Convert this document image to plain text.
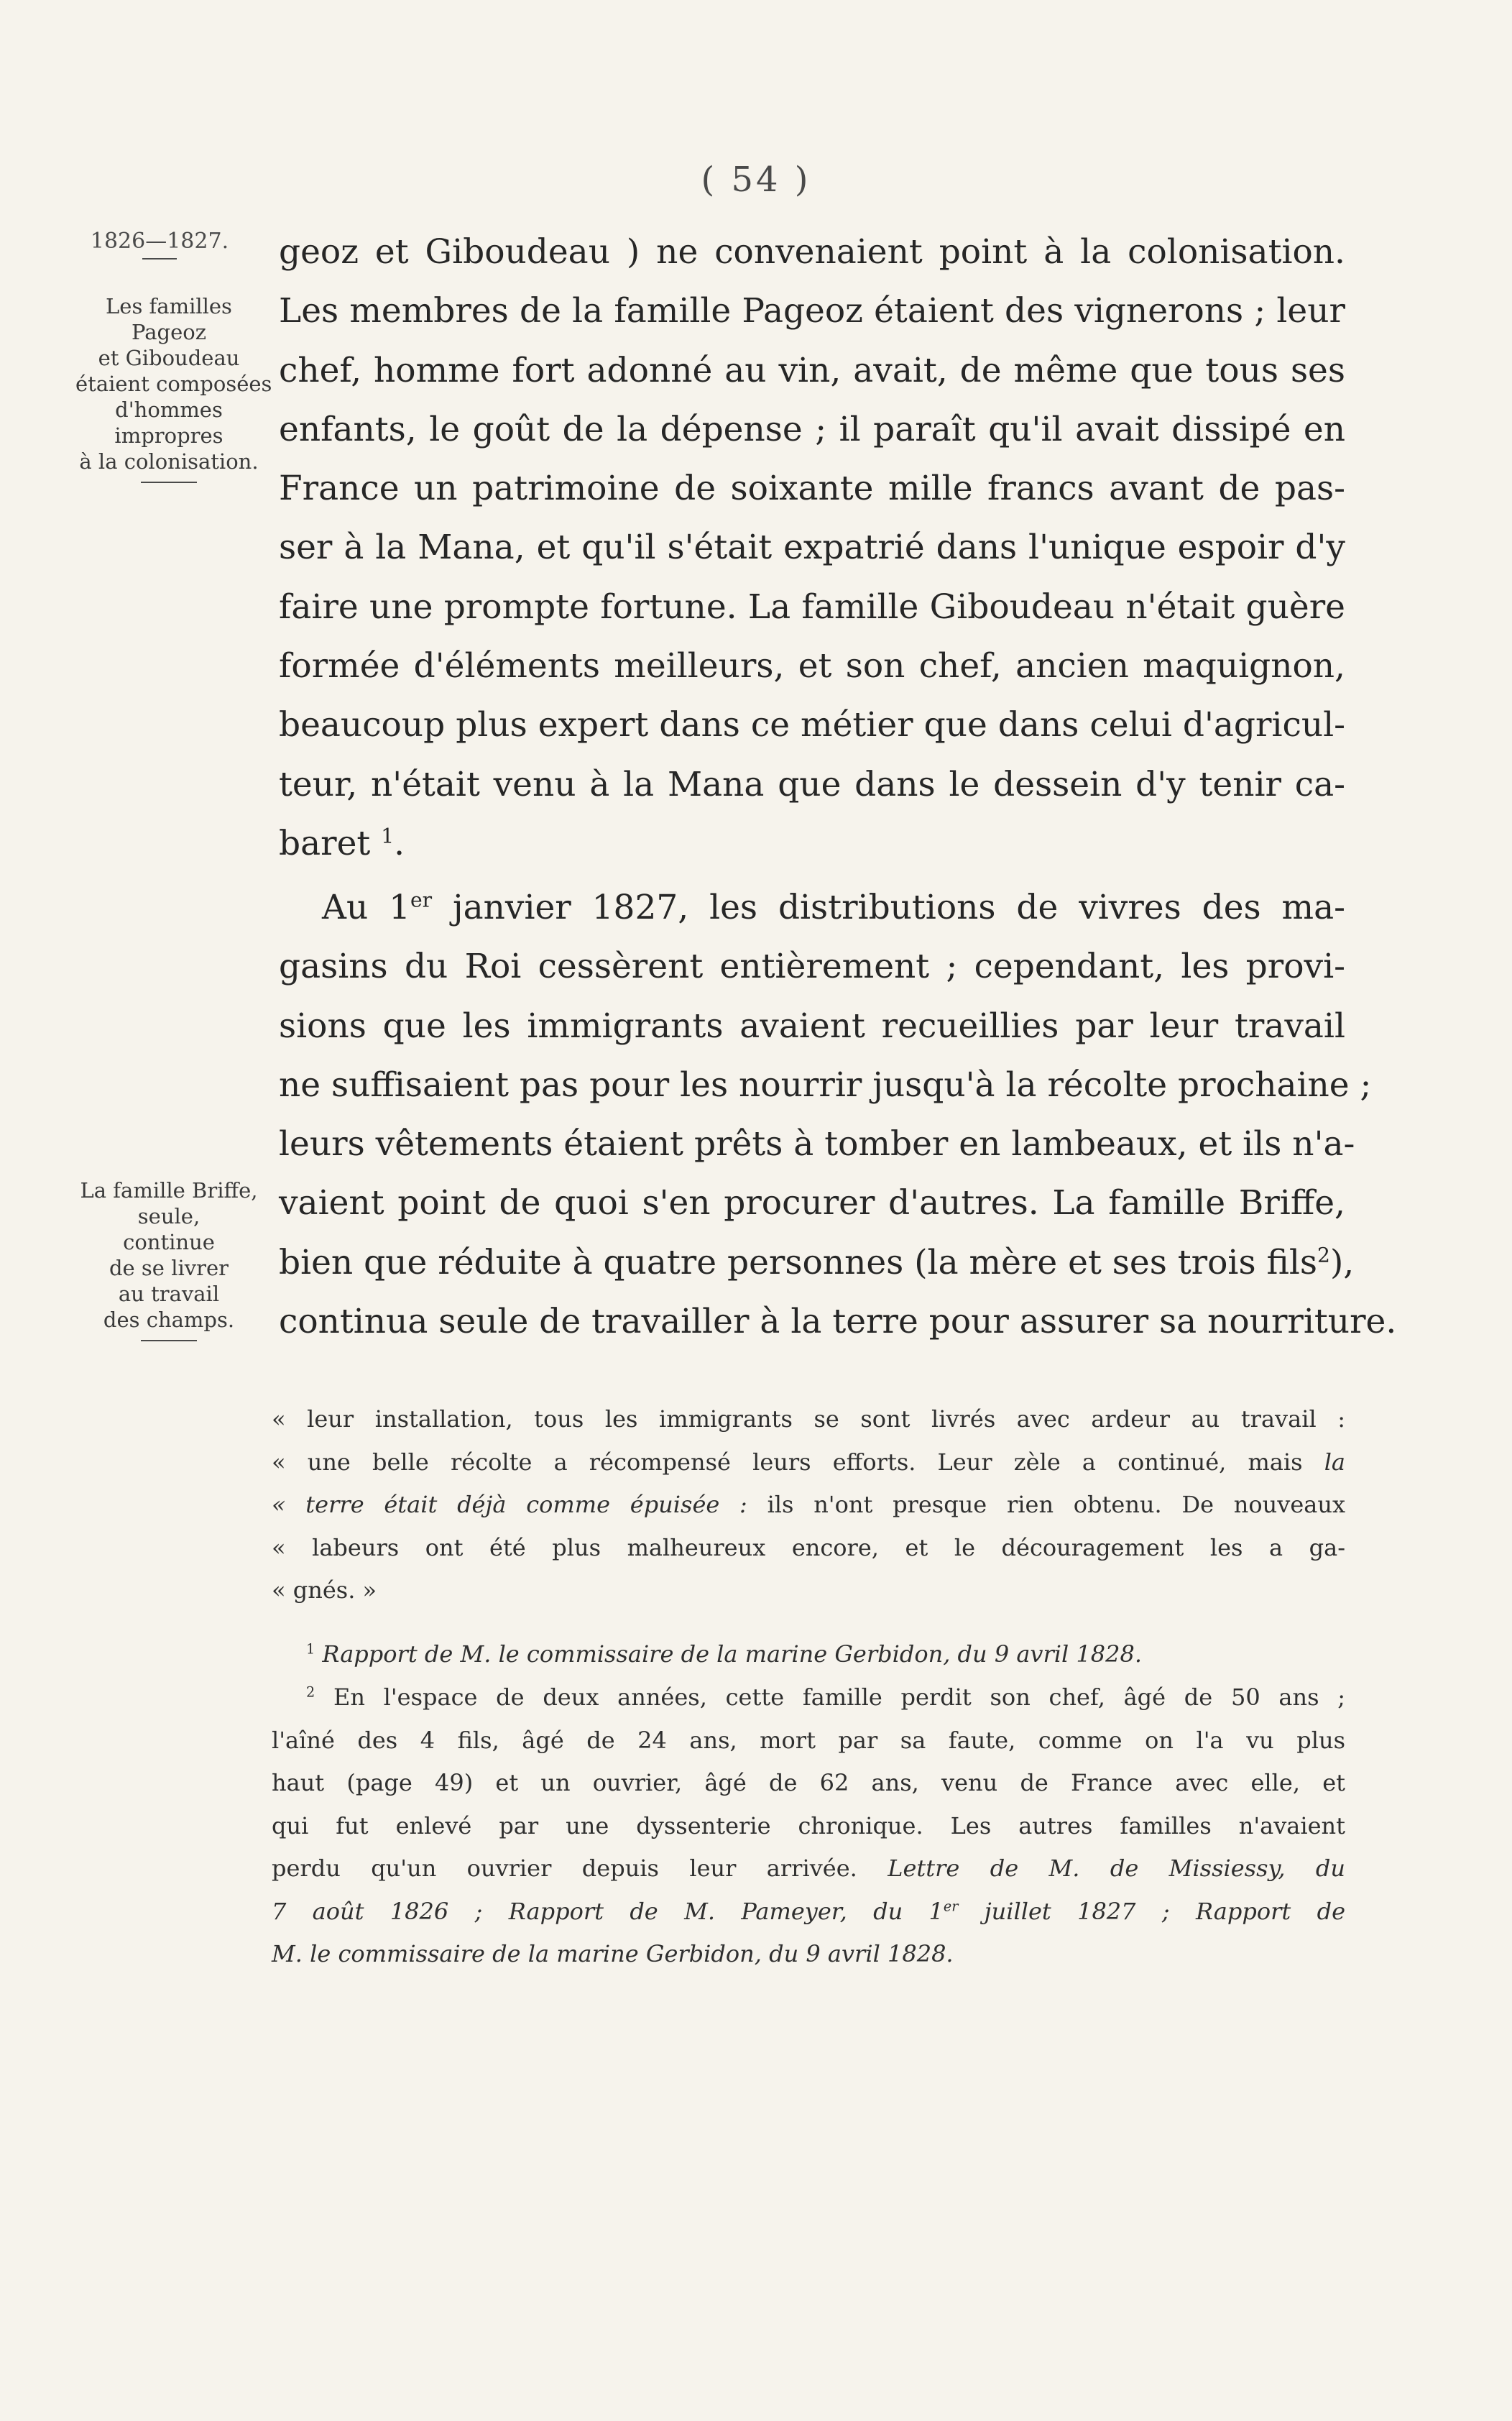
( 54 )
1826—1827.
Les familles
Pageoz
et Giboudeau
étaient composées
d'hommes
impropres
à la colonisation.
La famille Briffe,
seule,
continue
de se livrer
au travail
des champs.
geoz et Giboudeau ) ne convenaient point à la colonisation.
Les membres de la famille Pageoz étaient des vignerons ; leur
chef, homme fort adonné au vin, avait, de même que tous ses
enfants, le goût de la dépense ; il paraît qu'il avait dissipé en
France un patrimoine de soixante mille francs avant de pas-
ser à la Mana, et qu'il s'était expatrié dans l'unique espoir d'y
faire une prompte fortune. La famille Giboudeau n'était guère
formée d'éléments meilleurs, et son chef, ancien maquignon,
beaucoup plus expert dans ce métier que dans celui d'agricul-
teur, n'était venu à la Mana que dans le dessein d'y tenir ca-
baret $^1$.
Au 1er janvier 1827, les distributions de vivres des ma-
gasins du Roi cessèrent entièrement ; cependant, les provi-
sions que les immigrants avaient recueillies par leur travail
ne suffisaient pas pour les nourrir jusqu'à la récolte prochaine ;
leurs vêtements étaient prêts à tomber en lambeaux, et ils n'a-
vaient point de quoi s'en procurer d'autres. La famille Briffe,
bien que réduite à quatre personnes (la mère et ses trois fils$^2$),
continua seule de travailler à la terre pour assurer sa nourriture.
« leur installation, tous les immigrants se sont livrés avec ardeur au travail :
« une belle récolte a récompensé leurs efforts. Leur zèle a continué, mais la
« terre était déjà comme épuisée : ils n'ont presque rien obtenu. De nouveaux
« labeurs ont été plus malheureux encore, et le découragement les a ga-
« gnés. »
$^1$ Rapport de M. le commissaire de la marine Gerbidon, du 9 avril 1828.
$^2$ En l'espace de deux années, cette famille perdit son chef, âgé de 50 ans ;
l'aîné des 4 fils, âgé de 24 ans, mort par sa faute, comme on l'a vu plus
haut (page 49) et un ouvrier, âgé de 62 ans, venu de France avec elle, et
qui fut enlevé par une dyssenterie chronique. Les autres familles n'avaient
perdu qu'un ouvrier depuis leur arrivée. Lettre de M. de Missiessy, du
7 août 1826 ; Rapport de M. Pameyer, du 1er juillet 1827 ; Rapport de
M. le commissaire de la marine Gerbidon, du 9 avril 1828.
